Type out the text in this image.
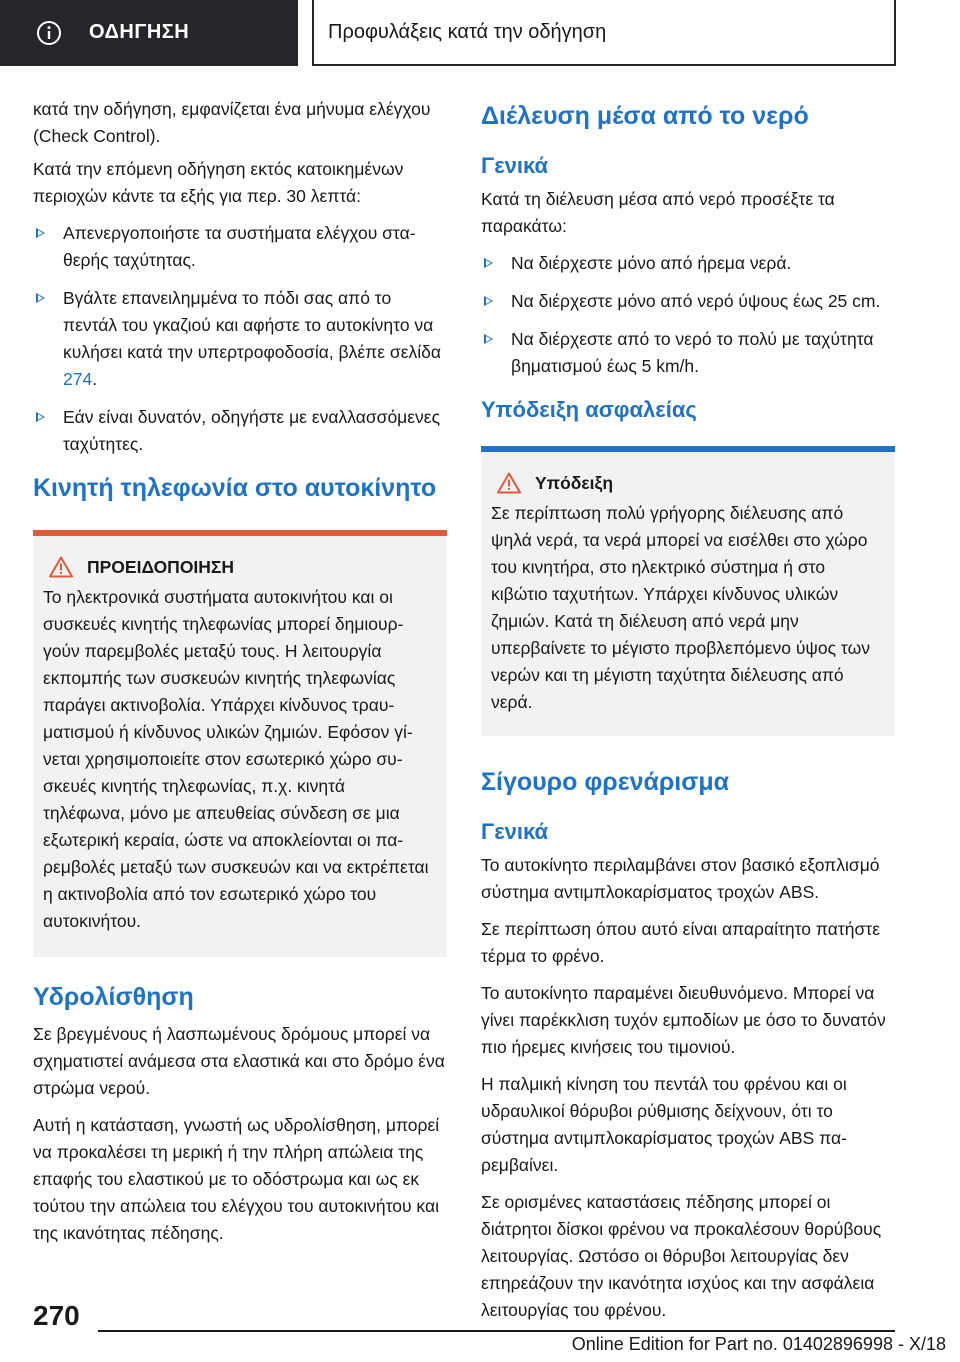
ΟΔΗΓΗΣΗ	Προφυλάξεις κατά την οδήγηση

κατά την οδήγηση, εμφανίζεται ένα μήνυμα ελέγχου (Check Control).

Κατά την επόμενη οδήγηση εκτός κατοικημένων περιοχών κάντε τα εξής για περ. 30 λεπτά:

Απενεργοποιήστε τα συστήματα ελέγχου σταθερής ταχύτητας.
Βγάλτε επανειλημμένα το πόδι σας από το πεντάλ του γκαζιού και αφήστε το αυτοκίνητο να κυλήσει κατά την υπερτροφοδοσία, βλέπε σελίδα 274.
Εάν είναι δυνατόν, οδηγήστε με εναλλασσόμενες ταχύτητες.
Κινητή τηλεφωνία στο αυτοκίνητο
ΠΡΟΕΙΔΟΠΟΙΗΣΗ

Το ηλεκτρονικά συστήματα αυτοκινήτου και οι συσκευές κινητής τηλεφωνίας μπορεί δημιουργούν παρεμβολές μεταξύ τους. Η λειτουργία εκπομπής των συσκευών κινητής τηλεφωνίας παράγει ακτινοβολία. Υπάρχει κίνδυνος τραυματισμού ή κίνδυνος υλικών ζημιών. Εφόσον γίνεται χρησιμοποιείτε στον εσωτερικό χώρο συσκευές κινητής τηλεφωνίας, π.χ. κινητά τηλέφωνα, μόνο με απευθείας σύνδεση σε μια εξωτερική κεραία, ώστε να αποκλείονται οι παρεμβολές μεταξύ των συσκευών και να εκτρέπεται η ακτινοβολία από τον εσωτερικό χώρο του αυτοκινήτου.

Υδρολίσθηση

Σε βρεγμένους ή λασπωμένους δρόμους μπορεί να σχηματιστεί ανάμεσα στα ελαστικά και στο δρόμο ένα στρώμα νερού.

Αυτή η κατάσταση, γνωστή ως υδρολίσθηση, μπορεί να προκαλέσει τη μερική ή την πλήρη απώλεια της επαφής του ελαστικού με το οδόστρωμα και ως εκ τούτου την απώλεια του ελέγχου του αυτοκινήτου και της ικανότητας πέδησης.

Διέλευση μέσα από το νερό
Γενικά

Κατά τη διέλευση μέσα από νερό προσέξτε τα παρακάτω:

Να διέρχεστε μόνο από ήρεμα νερά.
Να διέρχεστε μόνο από νερό ύψους έως 25 cm.
Να διέρχεστε από το νερό το πολύ με ταχύτητα βηματισμού έως 5 km/h.
Υπόδειξη ασφαλείας
Υπόδειξη

Σε περίπτωση πολύ γρήγορης διέλευσης από ψηλά νερά, τα νερά μπορεί να εισέλθει στο χώρο του κινητήρα, στο ηλεκτρικό σύστημα ή στο κιβώτιο ταχυτήτων. Υπάρχει κίνδυνος υλικών ζημιών. Κατά τη διέλευση από νερά μην υπερβαίνετε το μέγιστο προβλεπόμενο ύψος των νερών και τη μέγιστη ταχύτητα διέλευσης από νερά.

Σίγουρο φρενάρισμα
Γενικά

Το αυτοκίνητο περιλαμβάνει στον βασικό εξοπλισμό σύστημα αντιμπλοκαρίσματος τροχών ABS.

Σε περίπτωση όπου αυτό είναι απαραίτητο πατήστε τέρμα το φρένο.

Το αυτοκίνητο παραμένει διευθυνόμενο. Μπορεί να γίνει παρέκκλιση τυχόν εμποδίων με όσο το δυνατόν πιο ήρεμες κινήσεις του τιμονιού.

Η παλμική κίνηση του πεντάλ του φρένου και οι υδραυλικοί θόρυβοι ρύθμισης δείχνουν, ότι το σύστημα αντιμπλοκαρίσματος τροχών ABS παρεμβαίνει.

Σε ορισμένες καταστάσεις πέδησης μπορεί οι διάτρητοι δίσκοι φρένου να προκαλέσουν θορύβους λειτουργίας. Ωστόσο οι θόρυβοι λειτουργίας δεν επηρεάζουν την ικανότητα ισχύος και την ασφάλεια λειτουργίας του φρένου.

270
Online Edition for Part no. 01402896998 - X/18
